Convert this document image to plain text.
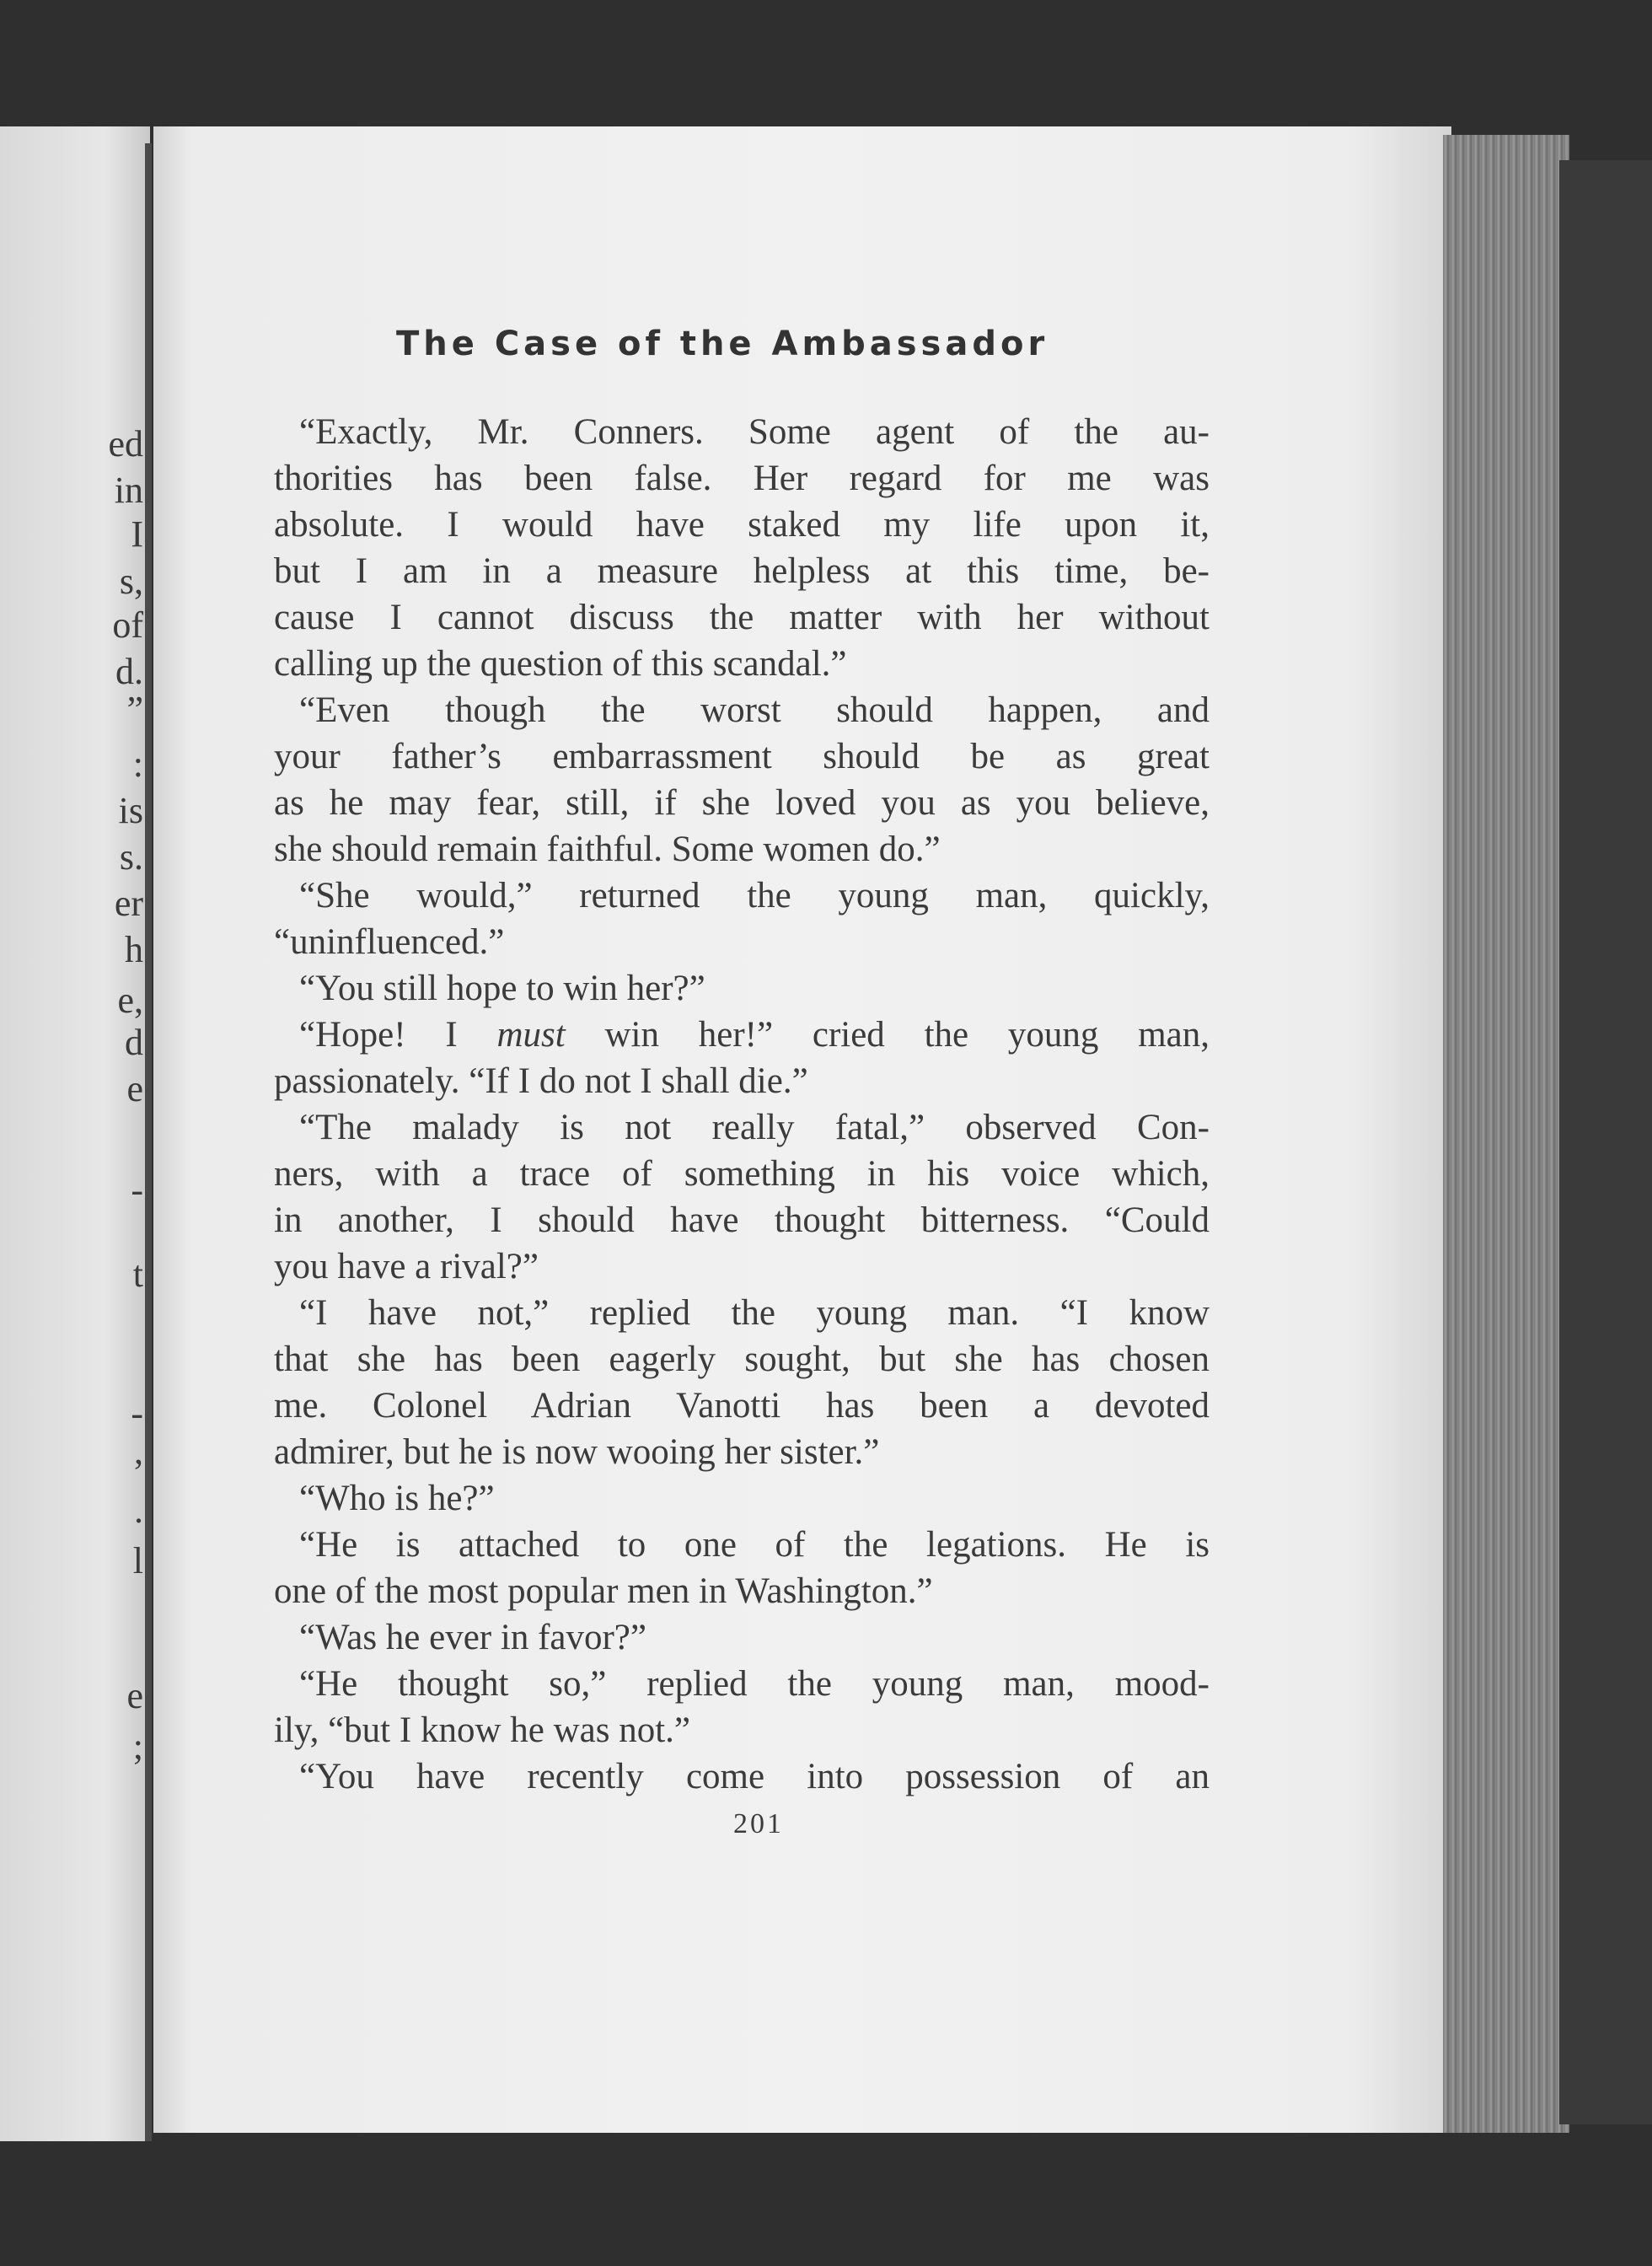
ed
in
I
s,
of
d.
”
:
is
s.
er
h
e,
d
e
-
t
-
,
.
l
e
;
The Case of the Ambassador
“Exactly, Mr. Conners. Some agent of the au-
thorities has been false. Her regard for me was
absolute. I would have staked my life upon it,
but I am in a measure helpless at this time, be-
cause I cannot discuss the matter with her without
calling up the question of this scandal.”
“Even though the worst should happen, and
your father’s embarrassment should be as great
as he may fear, still, if she loved you as you believe,
she should remain faithful. Some women do.”
“She would,” returned the young man, quickly,
“uninfluenced.”
“You still hope to win her?”
“Hope! I must win her!” cried the young man,
passionately. “If I do not I shall die.”
“The malady is not really fatal,” observed Con-
ners, with a trace of something in his voice which,
in another, I should have thought bitterness. “Could
you have a rival?”
“I have not,” replied the young man. “I know
that she has been eagerly sought, but she has chosen
me. Colonel Adrian Vanotti has been a devoted
admirer, but he is now wooing her sister.”
“Who is he?”
“He is attached to one of the legations. He is
one of the most popular men in Washington.”
“Was he ever in favor?”
“He thought so,” replied the young man, mood-
ily, “but I know he was not.”
“You have recently come into possession of an
201
